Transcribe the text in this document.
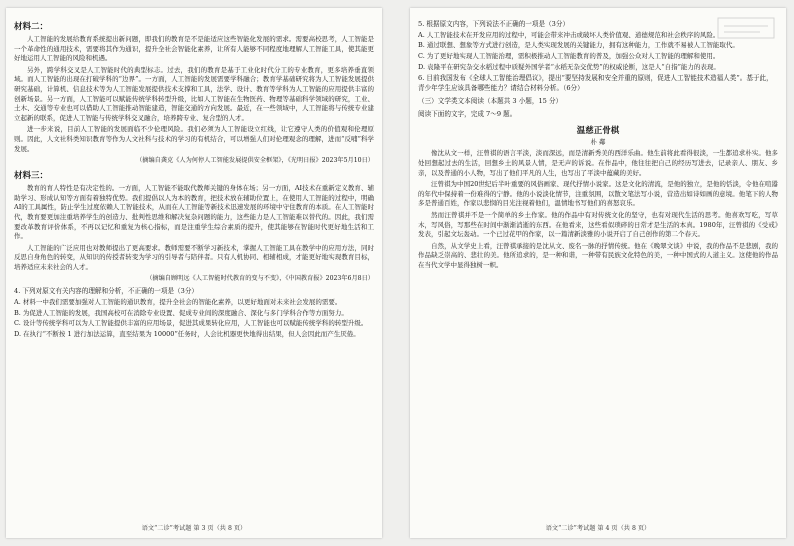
材料二：

人工智能的发展给教育系统提出新问题，即我们的教育是不是能适应这些智能化发展的需求。需要高校思考，人工智能是一个革命性的通用技术，需要将其作为通识，提升全社会智能化素养，让所有人能够不同程度地理解人工智能工具，使其能更好地运用人工智能的风险和机遇。

另外，跨学科交叉是人工智能时代的典型标志。过去，我们的教育是基于工业化时代分工的专业教育，更多培养垂直领域。而人工智能的出现在打破学科的“边界”。一方面，人工智能的发展需要学科融合；教育学基础研究将为人工智能发展提供研究基础，计算机、信息技术等为人工智能发展提供技术支撑和工具，法学、设计、教育等学科为人工智能的应用提供丰富的创新场景。另一方面，人工智能可以赋能传统学科转型升级，比如人工智能在生物医药、物理等基础科学领域的研究，工业、土木、交通等专业也可以借助人工智能推动智能建造，智能交通的方向发展。最近，在一些领域中，人工智能将与传统专业建立起新的联系，促进人工智能与传统学科交叉融合，培养跨专业、复合型的人才。

进一步来说，目前人工智能的发展面临不少伦理风险。我们必须为人工智能设立红线，让它遵守人类的价值观和伦理原则。因此，人文社科类知识教育等作为人文社科与技术的学习的有机结合，可以增强人们对伦理观念的理解，进而“反哺”科学发展。

（摘编自龚克《人为何停人工智能发展提供安全框架》，《光明日报》2023年5月10日）
材料三：

教育的育人特性是有决定性的。一方面，人工智能不能取代教师关键的身体在场；另一方面，AI技术在重新定义教育、辅助学习、形成认知等方面有着独特优势。我们提倡以人为本的教育，把技术放在辅助位置上，在使用人工智能的过程中，明确AI的工具属性，防止学生过度依赖人工智能技术，从而在人工智能等新技术迅速发展的环境中守住教育的本质。在人工智能时代，教育要更加注重培养学生的创造力、批判性思维和解决复杂问题的能力，这些能力是人工智能难以替代的。因此，我们需要改革教育评价体系，不再以记忆和重复为核心指标，而是注重学生综合素质的提升，使其能够在智能时代更好地生活和工作。

人工智能的广泛应用也对教师提出了更高要求。教师需要不断学习新技术，掌握人工智能工具在教学中的应用方法，同时反思自身角色的转变，从知识的传授者转变为学习的引导者与陪伴者。只有人机协同、相辅相成，才能更好地实现教育目标，培养适应未来社会的人才。

（摘编自顾明远《人工智能时代教育的变与不变》，《中国教育报》2023年6月8日）
4. 下列对原文有关内容的理解和分析，不正确的一项是（3分）
A. 材料一中我们需要加强对人工智能的通识教育，提升全社会的智能化素养，以更好地面对未来社会发展的需要。
B. 为促进人工智能的发展，我国高校可在消除专业设置、促成专业间的深度融合、深化与多门学科合作等方面努力。
C. 设计等传统学科可以为人工智能提供丰富的应用场景，促进其成果转化应用，人工智能也可以赋能传统学科的转型升级。
D. 在执行“不断按 1 进行加法运算，直至结果为 10000”任务时，人会比机器更快地得出结果，但人会因此而产生厌倦。
语文“二诊”考试题 第 3 页（共 8 页）
5. 根据原文内容，下列说法不正确的一项是（3分）
A. 人工智能技术在开发应用的过程中，可能会带来冲击或破坏人类价值观、道德规范和社会秩序的风险。
B. 通过联想、想象等方式进行创造，是人类实现发展的关键能力，拥有这种能力，工作就不易被人工智能取代。
C. 为了更好地实现人工智能治理，需积极推动人工智能教育的普及，加强公众对人工智能的理解和使用。
D. 袁隆平在研究杂交水稻过程中质疑外国学者“水稻无杂交优势”的权威论断，这是人“自指”能力的表现。
6. 目前我国发布《全球人工智能治理倡议》，提出“要坚持发展和安全并重的原则，促进人工智能技术造福人类”。基于此，青少年学生应该具备哪些能力？请结合材料分析。（6分）
（三）文学类文本阅读（本题共 3 小题，15 分）
阅读下面的文字，完成 7～9 题。
温慈正骨棋
朴 鄰

像沈从文一样，汪曾祺的语言平淡，淡而深远，而是清新秀美的西洋乐曲。他生前将此看得很淡，一生都追求朴实。他多处回想起过去的生活，回想乡土的风景人情，是无声的诉说。在作品中，他往往把自己的经历写进去，记录亲人、朋友、乡亲，以及普通的小人物，写出了他们平凡的人生，也写出了平淡中蕴藏的美好。

汪曾祺为中国20世纪后半叶重要的风俗画家、现代抒情小说家。这是文化的清流，是他的独立，是他的恬淡，令他在喧嚣的年代中保持着一份难得的宁静。他的小说淡化情节，注重氛围，以散文笔法写小说，营造出如诗如画的意境。他笔下的人物多是普通百姓，作家以悲悯的目光注视着他们，温情地书写他们的喜怒哀乐。

然而汪曾祺并不是一个简单的乡土作家。他的作品中有对传统文化的坚守，也有对现代生活的思考。他喜欢写吃，写草木，写风俗，写那些在时间中渐渐消逝的东西。在他看来，这些看似琐碎的日常才是生活的本真。1980年，汪曾祺的《受戒》发表，引起文坛轰动。一个已过花甲的作家，以一篇清新淡雅的小说开启了自己创作的第二个春天。

自然，从文学史上看，汪曾祺承接的是沈从文、废名一脉的抒情传统。他在《晚翠文谈》中说，我的作品不是悲剧，我的作品缺乏崇高的、悲壮的美。他所追求的，是一种和谐，一种带有民族文化特色的美，一种中国式的人道主义。这使他的作品在当代文学中显得独树一帜。

语文“二诊”考试题 第 4 页（共 8 页）
